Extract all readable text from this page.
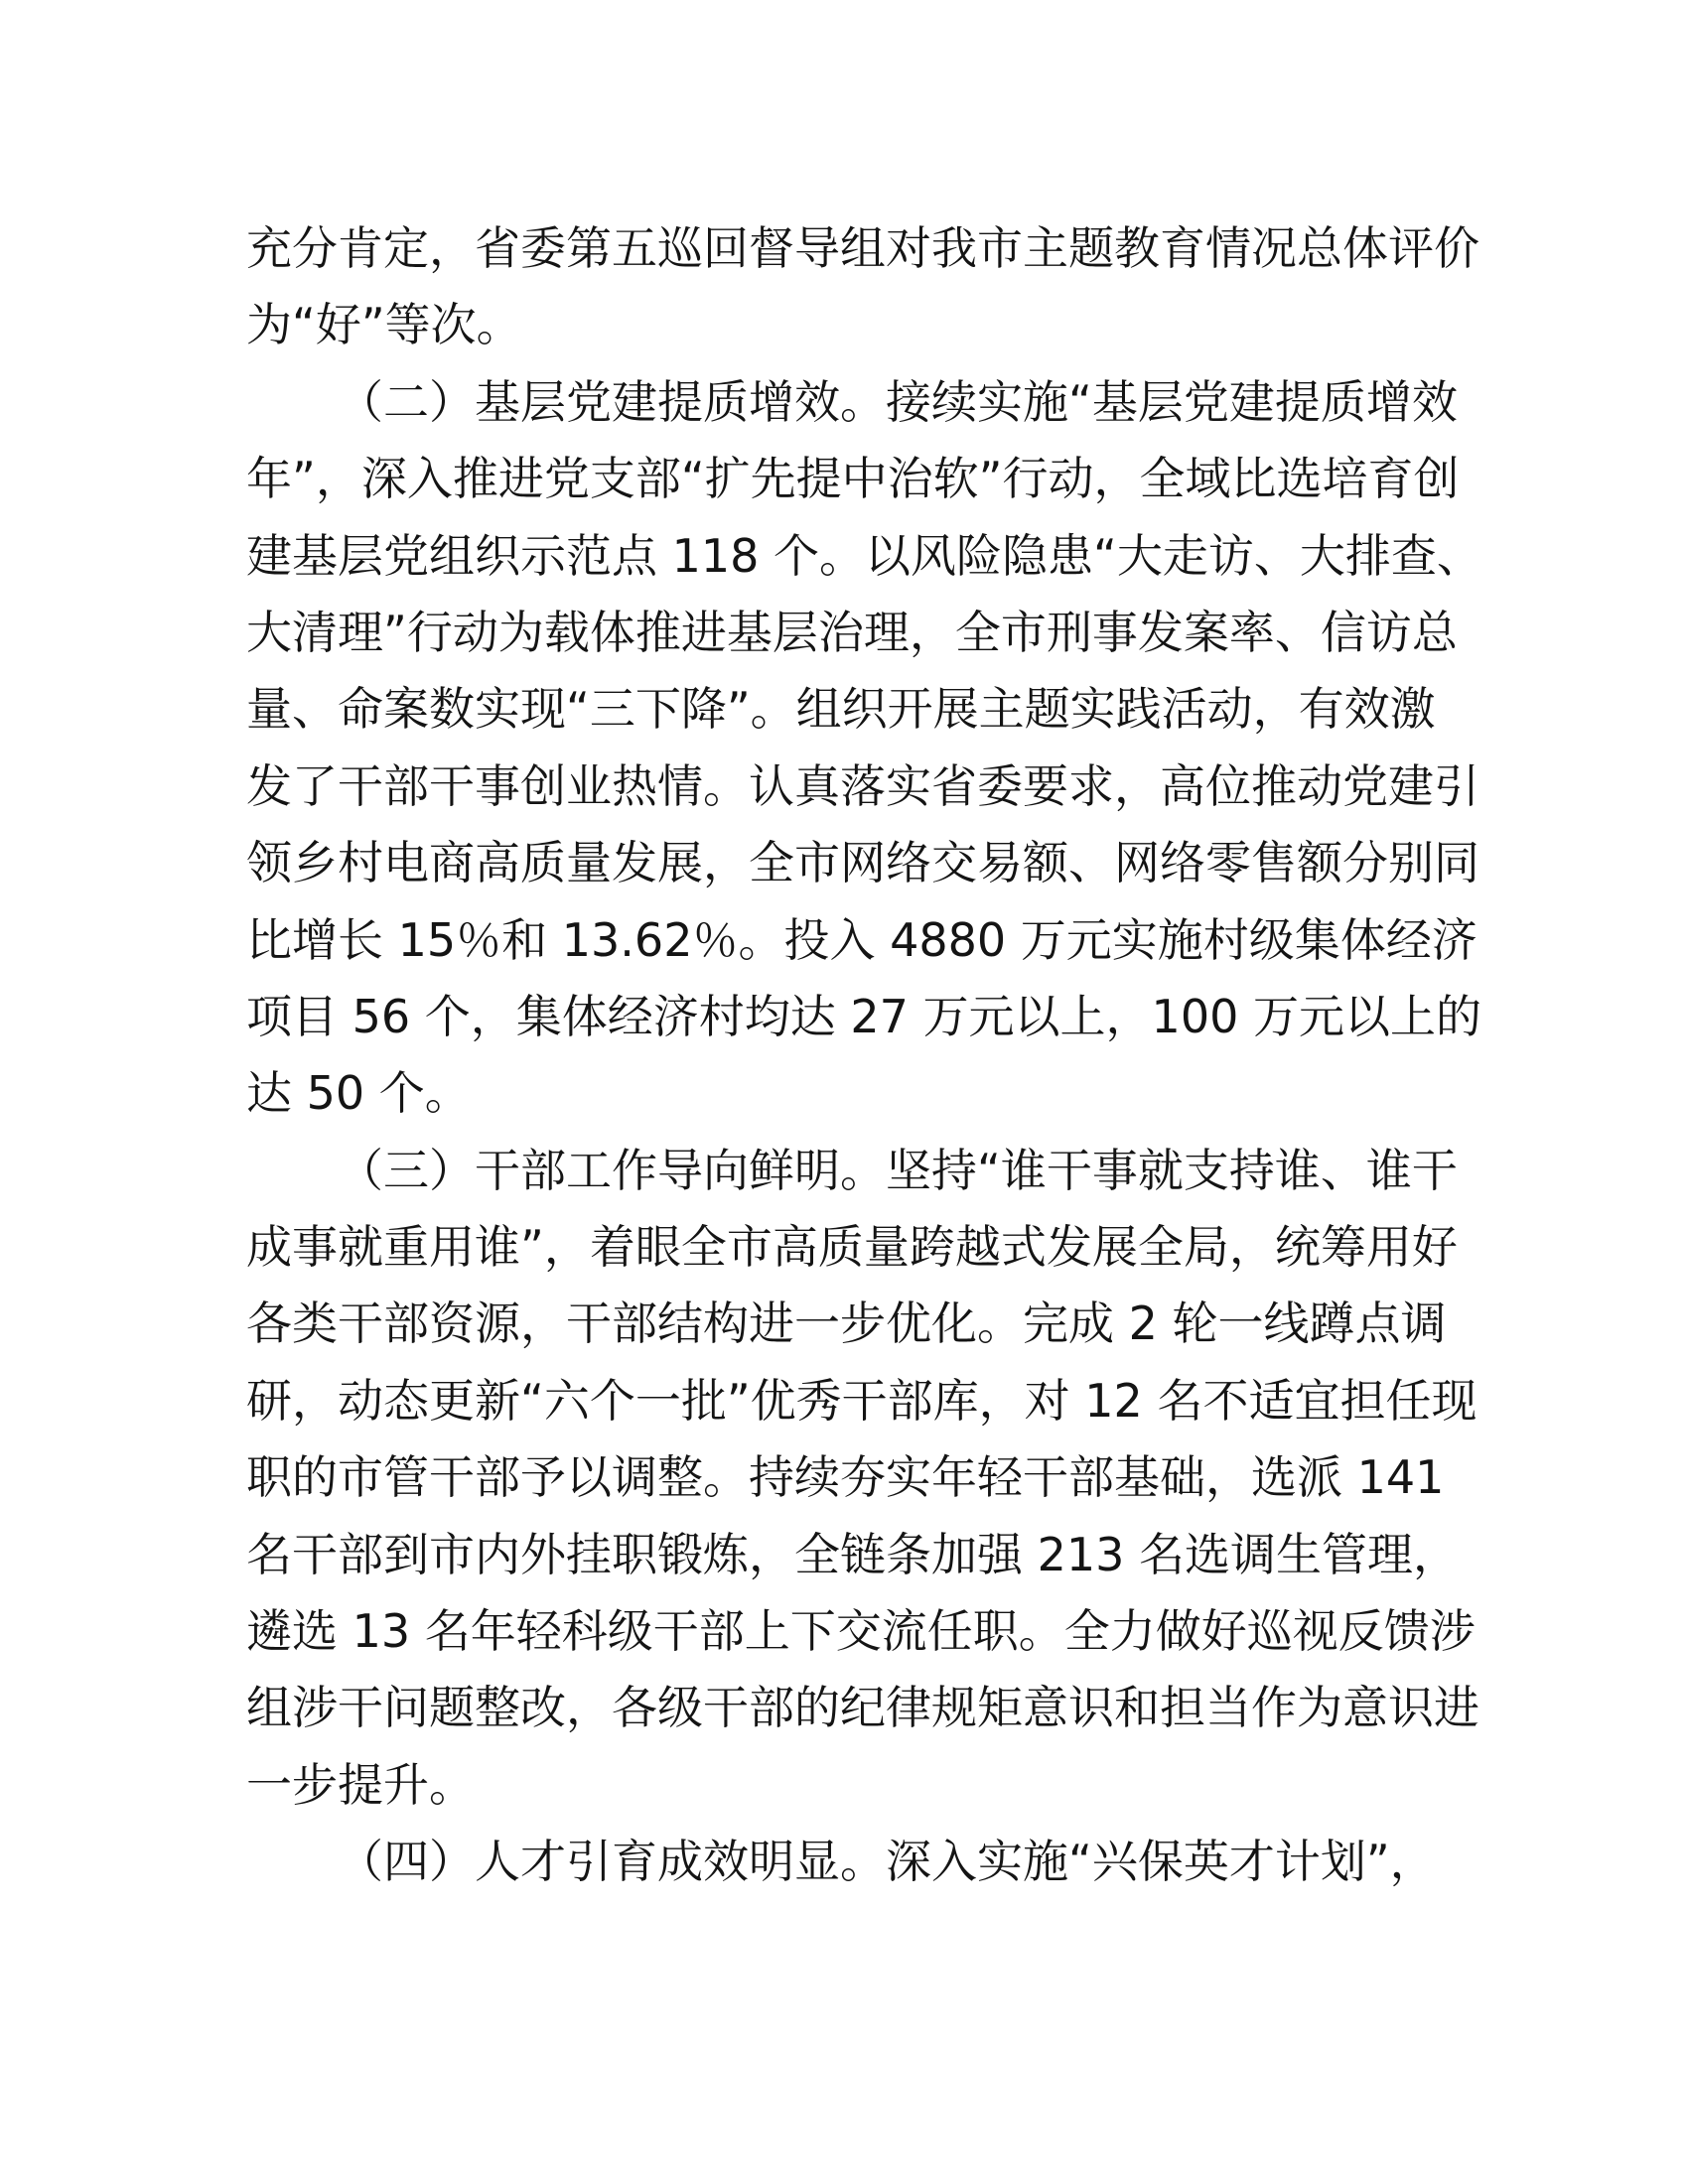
充分肯定，省委第五巡回督导组对我市主题教育情况总体评价
为“好”等次。
（二）基层党建提质增效。接续实施“基层党建提质增效
年”，深入推进党支部“扩先提中治软”行动，全域比选培育创
建基层党组织示范点 118 个。以风险隐患“大走访、大排查、
大清理”行动为载体推进基层治理，全市刑事发案率、信访总
量、命案数实现“三下降”。组织开展主题实践活动，有效激
发了干部干事创业热情。认真落实省委要求，高位推动党建引
领乡村电商高质量发展，全市网络交易额、网络零售额分别同
比增长 15％和 13.62％。投入 4880 万元实施村级集体经济
项目 56 个，集体经济村均达 27 万元以上，100 万元以上的
达 50 个。
（三）干部工作导向鲜明。坚持“谁干事就支持谁、谁干
成事就重用谁”，着眼全市高质量跨越式发展全局，统筹用好
各类干部资源，干部结构进一步优化。完成 2 轮一线蹲点调
研，动态更新“六个一批”优秀干部库，对 12 名不适宜担任现
职的市管干部予以调整。持续夯实年轻干部基础，选派 141
名干部到市内外挂职锻炼，全链条加强 213 名选调生管理，
遴选 13 名年轻科级干部上下交流任职。全力做好巡视反馈涉
组涉干问题整改，各级干部的纪律规矩意识和担当作为意识进
一步提升。
（四）人才引育成效明显。深入实施“兴保英才计划”，
